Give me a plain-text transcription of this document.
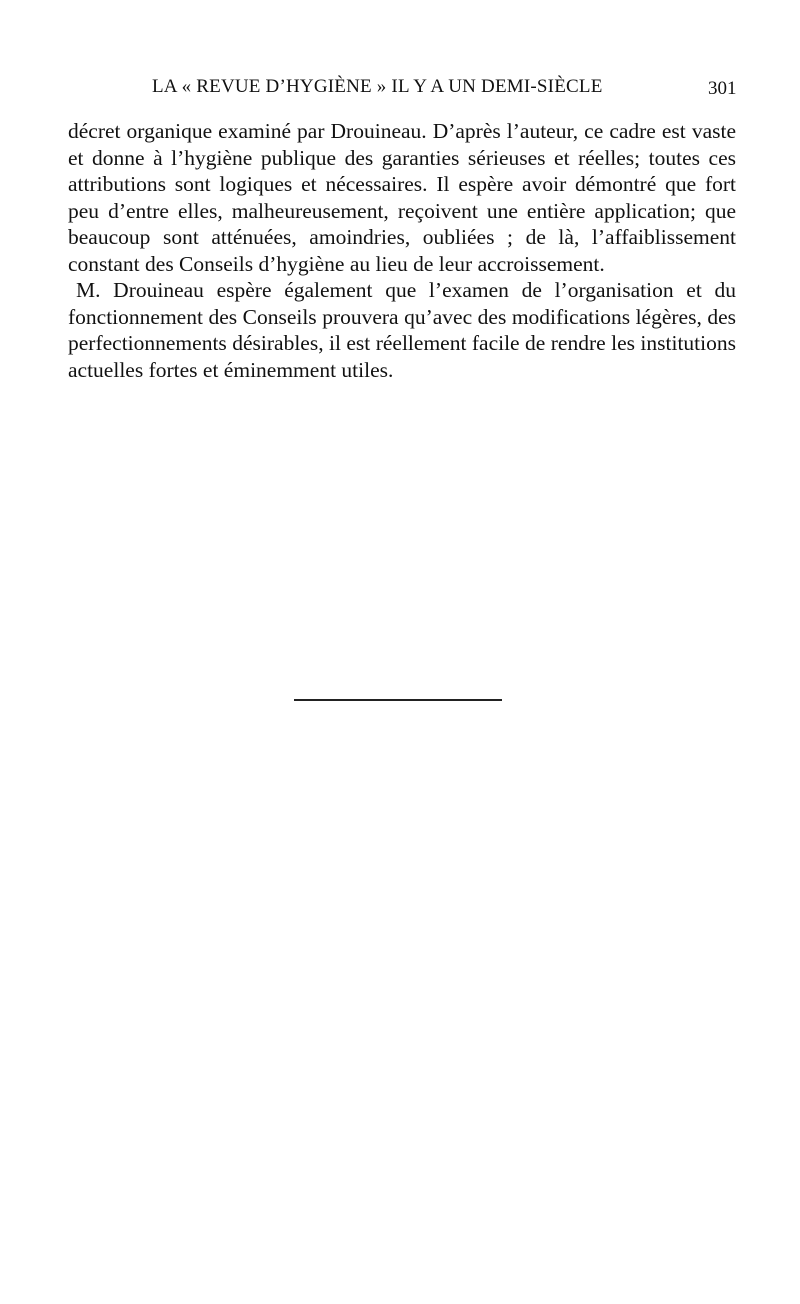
LA « REVUE D’HYGIÈNE » IL Y A UN DEMI-SIÈCLE	301

décret organique examiné par Drouineau. D’après l’auteur, ce cadre est vaste et donne à l’hygiène publique des garanties sérieuses et réelles; toutes ces attributions sont logiques et nécessaires. Il espère avoir démontré que fort peu d’entre elles, malheureusement, reçoivent une entière application; que beaucoup sont atténuées, amoindries, oubliées ; de là, l’affaiblissement constant des Conseils d’hygiène au lieu de leur accroissement.

M. Drouineau espère également que l’examen de l’organisation et du fonctionnement des Conseils prouvera qu’avec des modifications légères, des perfectionnements désirables, il est réellement facile de rendre les institutions actuelles fortes et éminemment utiles.
